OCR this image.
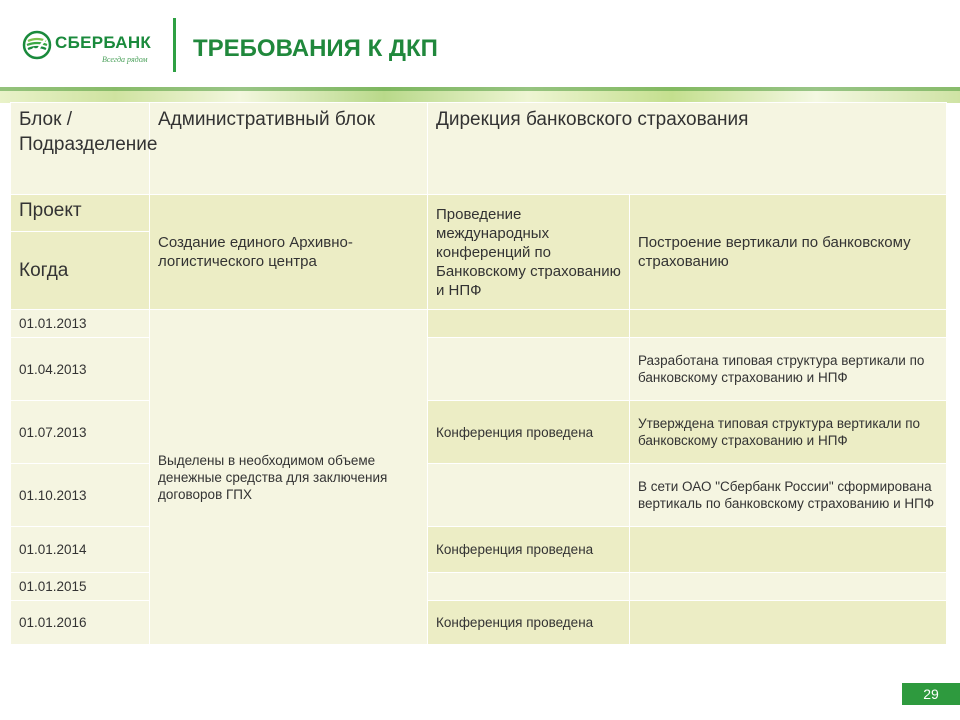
СБЕРБАНК
Всегда рядом ТРЕБОВАНИЯ К ДКП
Блок / Подразделение	Административный блок	Дирекция банковского страхования	
Проект	Создание единого Архивно-логистического центра	Проведение международных конференций по Банковскому страхованию и НПФ	Построение вертикали по банковскому страхованию
Когда			
01.01.2013	Выделены в необходимом объеме денежные средства для заключения договоров ГПХ		
01.04.2013			Разработана типовая структура вертикали по банковскому страхованию и НПФ
01.07.2013		Конференция проведена	Утверждена типовая структура вертикали по банковскому страхованию и НПФ
01.10.2013			В сети ОАО "Сбербанк России" сформирована вертикаль по банковскому страхованию и НПФ
01.01.2014		Конференция проведена	
01.01.2015			
01.01.2016		Конференция проведена	
29
